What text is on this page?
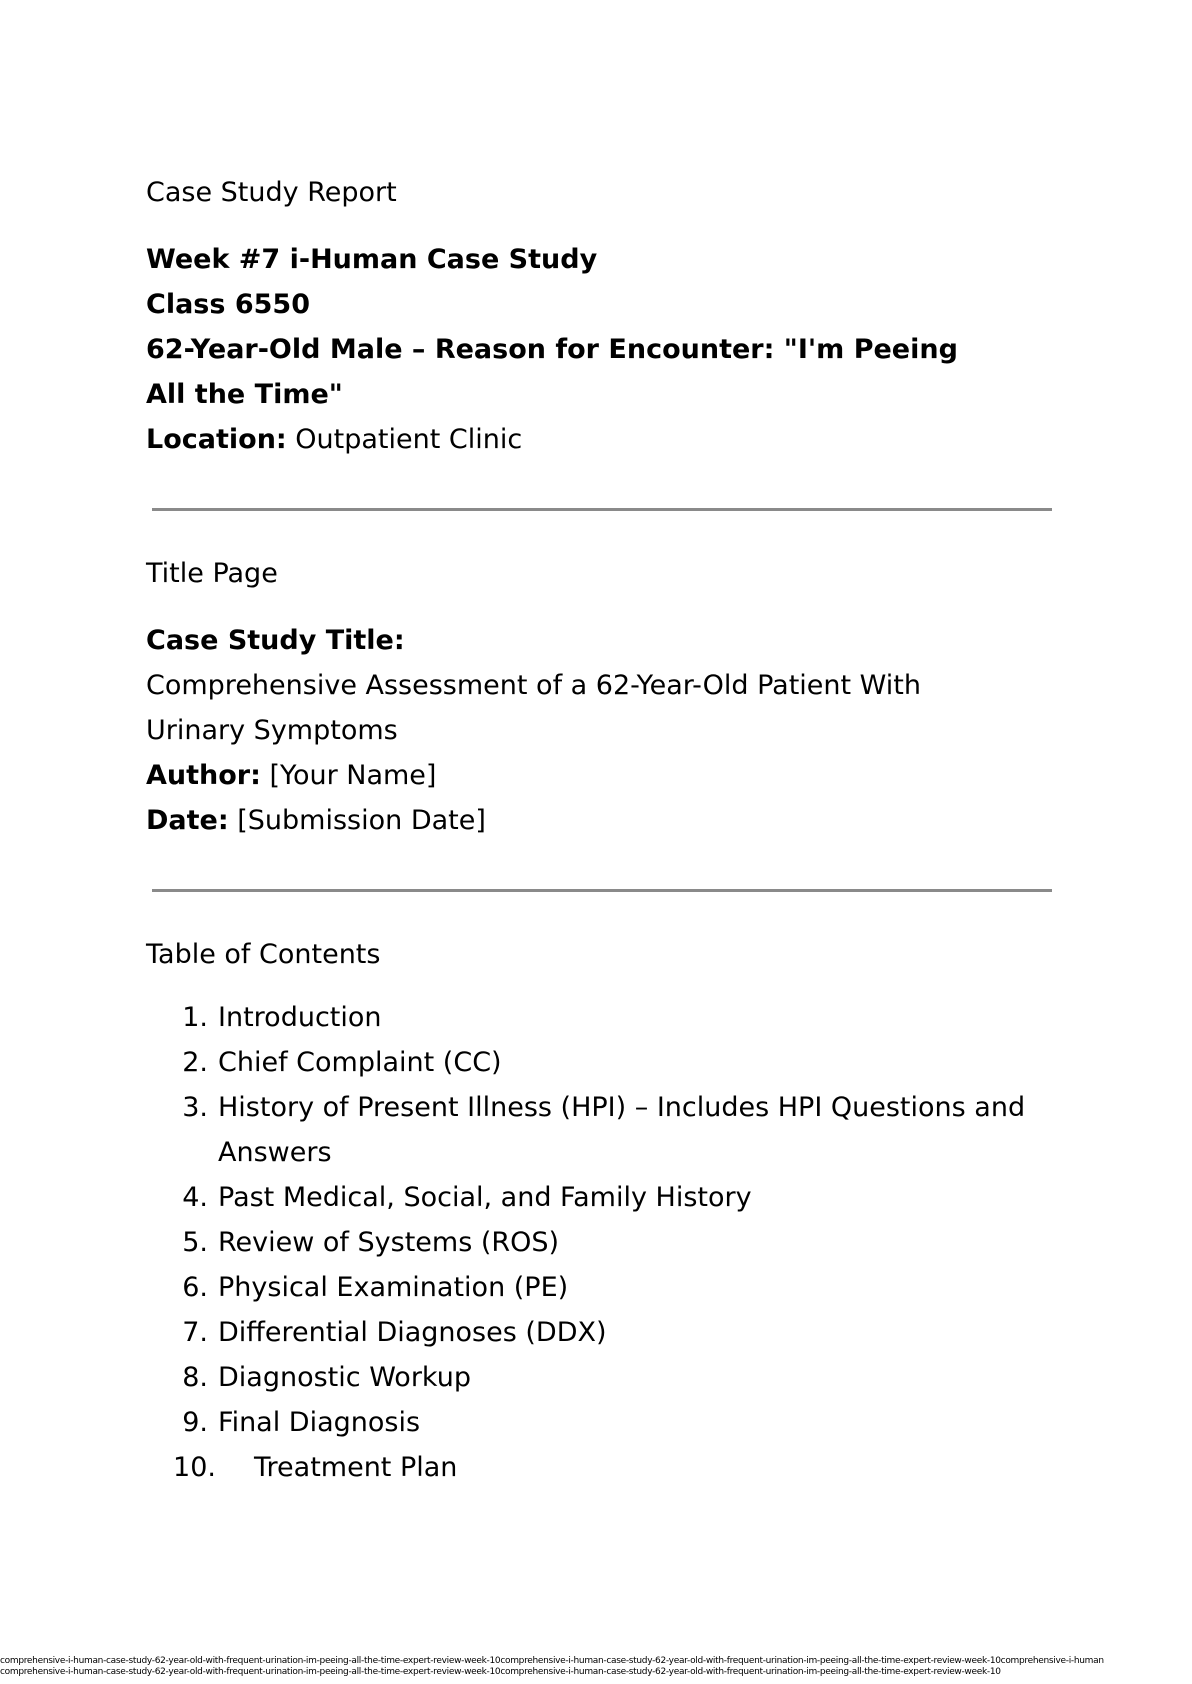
Case Study Report
Week #7 i-Human Case Study
Class 6550
62-Year-Old Male – Reason for Encounter: "I'm Peeing All the Time"
Location: Outpatient Clinic
Title Page
Case Study Title:
Comprehensive Assessment of a 62-Year-Old Patient With Urinary Symptoms
Author: [Your Name]
Date: [Submission Date]
Table of Contents
1. Introduction
2. Chief Complaint (CC)
3. History of Present Illness (HPI) – Includes HPI Questions and Answers
4. Past Medical, Social, and Family History
5. Review of Systems (ROS)
6. Physical Examination (PE)
7. Differential Diagnoses (DDX)
8. Diagnostic Workup
9. Final Diagnosis
10.	Treatment Plan
comprehensive-i-human-case-study-62-year-old-with-frequent-urination-im-peeing-all-the-time-expert-review-week-10comprehensive-i-human-case-study-62-year-old-with-frequent-urination-im-peeing-all-the-time-expert-review-week-10comprehensive-i-human
comprehensive-i-human-case-study-62-year-old-with-frequent-urination-im-peeing-all-the-time-expert-review-week-10comprehensive-i-human-case-study-62-year-old-with-frequent-urination-im-peeing-all-the-time-expert-review-week-10
